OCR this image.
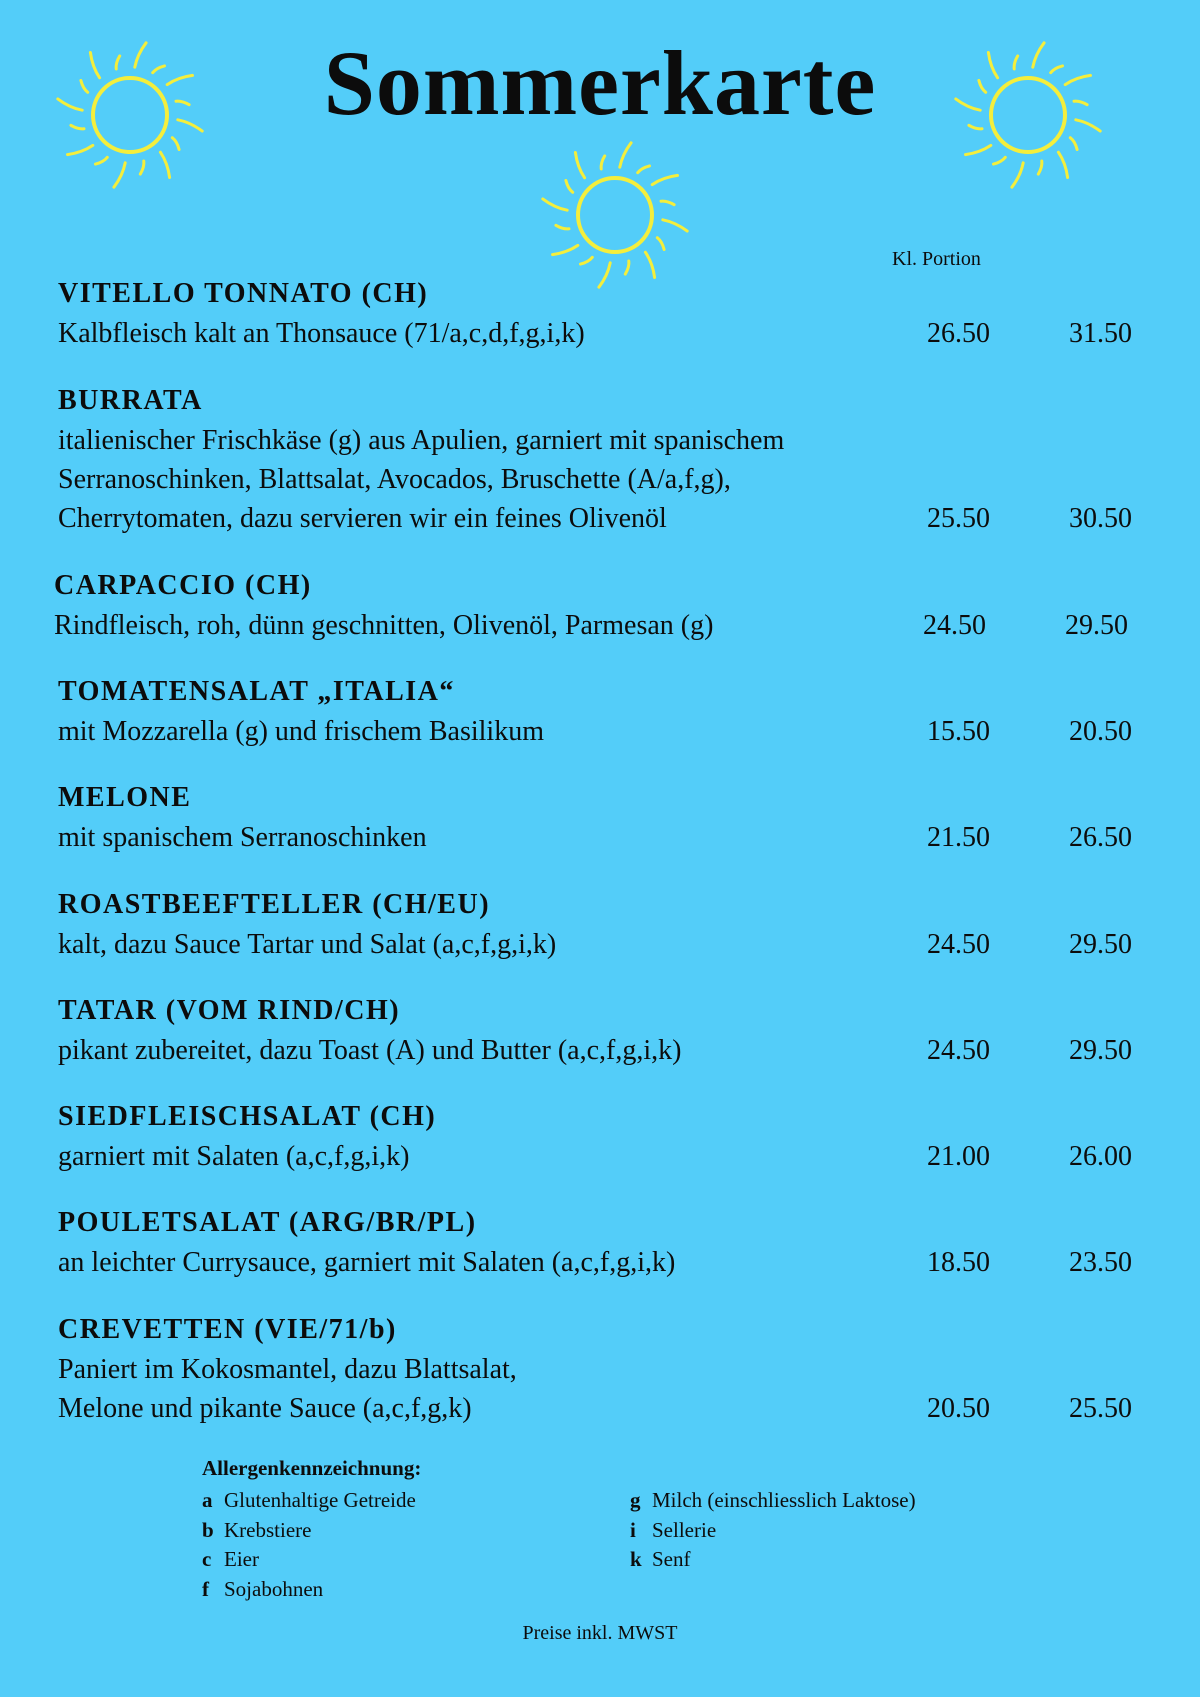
Sommerkarte
Kl. Portion
VITELLO TONNATO (CH)
Kalbfleisch kalt an Thonsauce (71/a,c,d,f,g,i,k)	26.50	31.50
BURRATA
italienischer Frischkäse (g) aus Apulien, garniert mit spanischem
Serranoschinken, Blattsalat, Avocados, Bruschette (A/a,f,g),
Cherrytomaten, dazu servieren wir ein feines Olivenöl	25.50	30.50
CARPACCIO (CH)
Rindfleisch, roh, dünn geschnitten, Olivenöl, Parmesan (g)	24.50	29.50
TOMATENSALAT „ITALIA“
mit Mozzarella (g) und frischem Basilikum	15.50	20.50
MELONE
mit spanischem Serranoschinken	21.50	26.50
ROASTBEEFTELLER (CH/EU)
kalt, dazu Sauce Tartar und Salat (a,c,f,g,i,k)	24.50	29.50
TATAR (VOM RIND/CH)
pikant zubereitet, dazu Toast (A) und Butter (a,c,f,g,i,k)	24.50	29.50
SIEDFLEISCHSALAT (CH)
garniert mit Salaten (a,c,f,g,i,k)	21.00	26.00
POULETSALAT (ARG/BR/PL)
an leichter Currysauce, garniert mit Salaten (a,c,f,g,i,k)	18.50	23.50
CREVETTEN (VIE/71/b)
Paniert im Kokosmantel, dazu Blattsalat,
Melone und pikante Sauce (a,c,f,g,k)	20.50	25.50
Allergenkennzeichnung:
a Glutenhaltige Getreide
b Krebstiere
c Eier
f Sojabohnen
g Milch (einschliesslich Laktose)
i Sellerie
k Senf
Preise inkl. MWST
